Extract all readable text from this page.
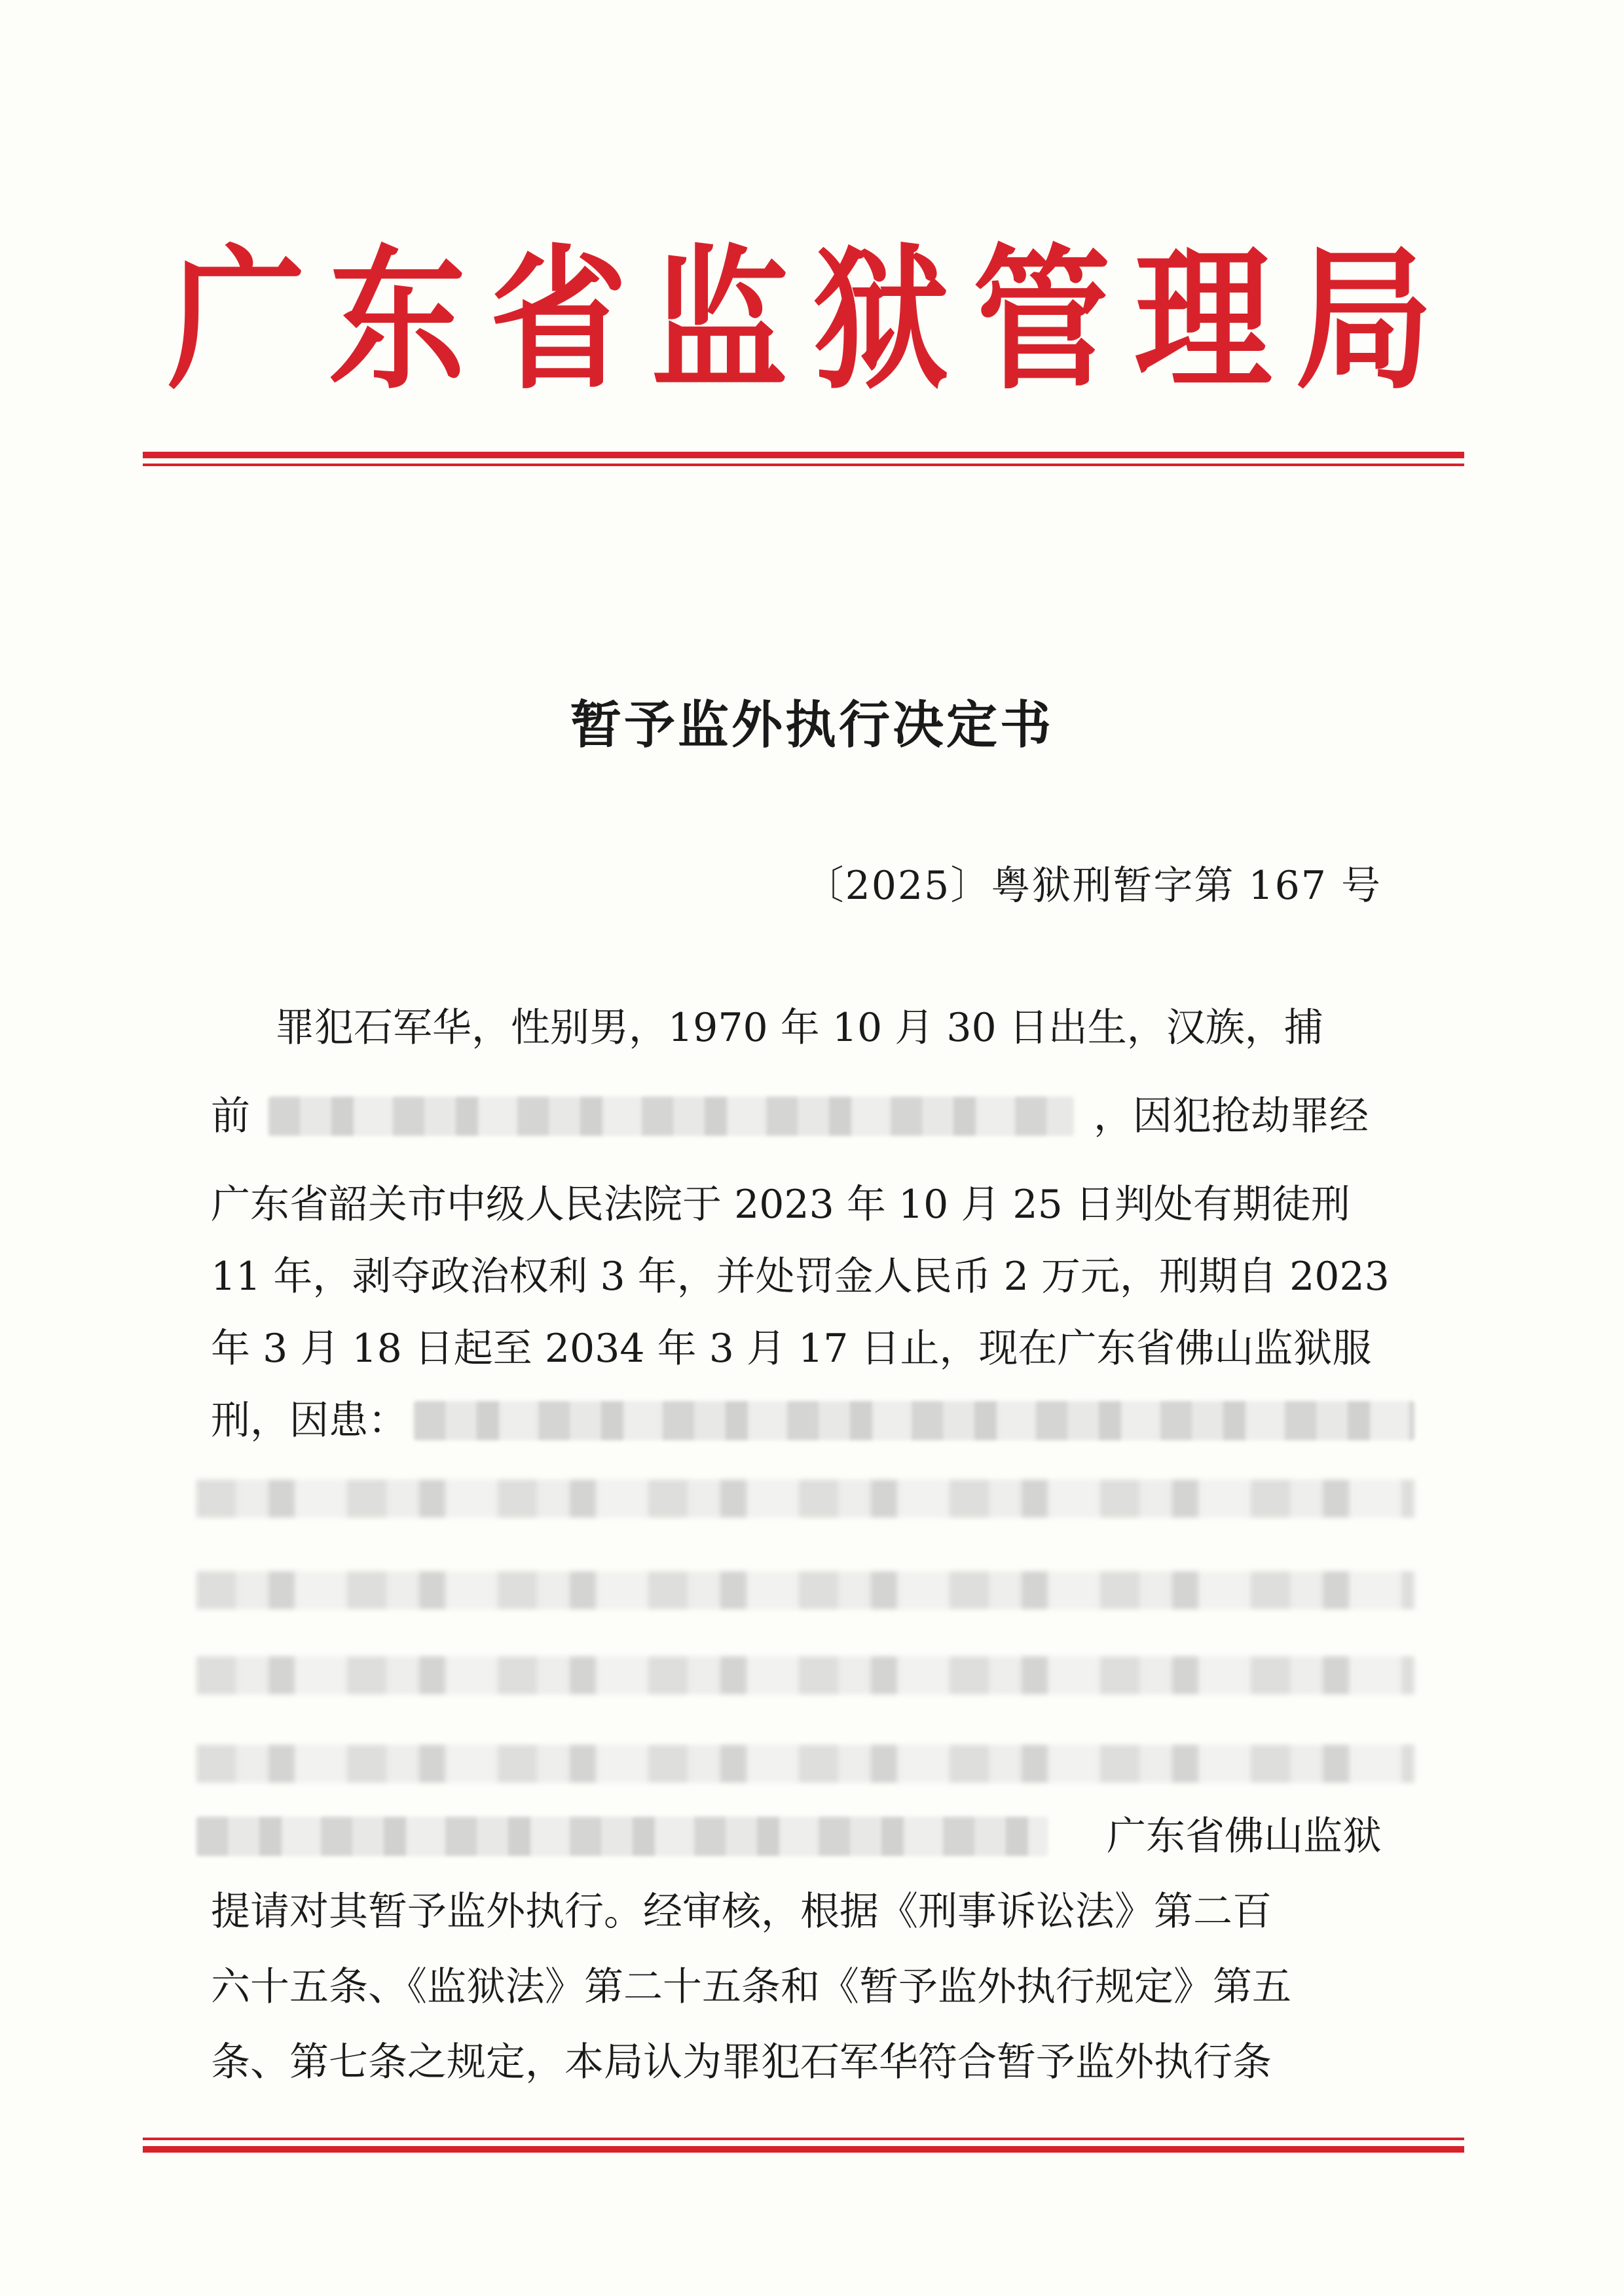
广东省监狱管理局
暂予监外执行决定书
〔2025〕粤狱刑暂字第 167 号
罪犯石军华，性别男，1970 年 10 月 30 日出生，汉族，捕
前	，因犯抢劫罪经
广东省韶关市中级人民法院于 2023 年 10 月 25 日判处有期徒刑
11 年，剥夺政治权利 3 年，并处罚金人民币 2 万元，刑期自 2023
年 3 月 18 日起至 2034 年 3 月 17 日止，现在广东省佛山监狱服
刑，因患：
广东省佛山监狱
提请对其暂予监外执行。经审核，根据《刑事诉讼法》第二百
六十五条、《监狱法》第二十五条和《暂予监外执行规定》第五
条、第七条之规定，本局认为罪犯石军华符合暂予监外执行条
